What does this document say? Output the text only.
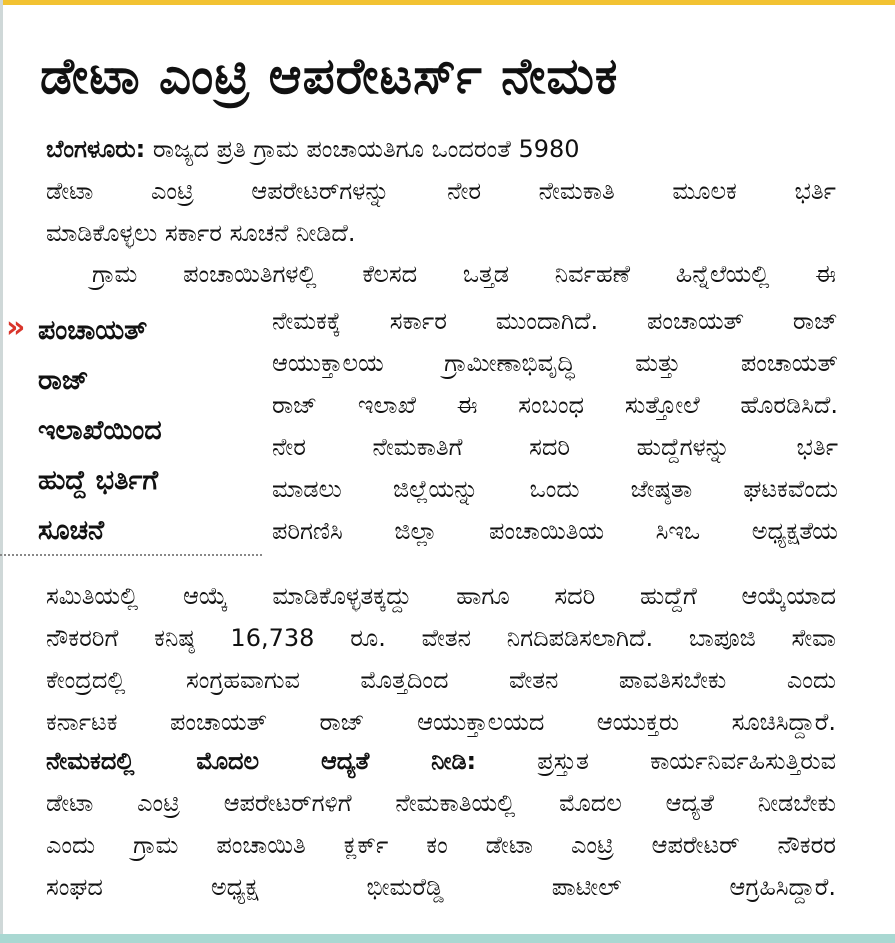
ಡೇಟಾ ಎಂಟ್ರಿ ಆಪರೇಟರ್ಸ್ ನೇಮಕ
ಬೆಂಗಳೂರು: ರಾಜ್ಯದ ಪ್ರತಿ ಗ್ರಾಮ ಪಂಚಾಯತಿಗೂ ಒಂದರಂತೆ 5980
ಡೇಟಾ ಎಂಟ್ರಿ ಆಪರೇಟರ್‌ಗಳನ್ನು ನೇರ ನೇಮಕಾತಿ ಮೂಲಕ ಭರ್ತಿ
ಮಾಡಿಕೊಳ್ಳಲು ಸರ್ಕಾರ ಸೂಚನೆ ನೀಡಿದೆ.
ಗ್ರಾಮ ಪಂಚಾಯಿತಿಗಳಲ್ಲಿ ಕೆಲಸದ ಒತ್ತಡ ನಿರ್ವಹಣೆ ಹಿನ್ನೆಲೆಯಲ್ಲಿ ಈ
» ಪಂಚಾಯತ್
ರಾಜ್
ಇಲಾಖೆಯಿಂದ
ಹುದ್ದೆ ಭರ್ತಿಗೆ
ಸೂಚನೆ
ನೇಮಕಕ್ಕೆ ಸರ್ಕಾರ ಮುಂದಾಗಿದೆ. ಪಂಚಾಯತ್ ರಾಜ್
ಆಯುಕ್ತಾಲಯ ಗ್ರಾಮೀಣಾಭಿವೃದ್ಧಿ ಮತ್ತು ಪಂಚಾಯತ್
ರಾಜ್ ಇಲಾಖೆ ಈ ಸಂಬಂಧ ಸುತ್ತೋಲೆ ಹೊರಡಿಸಿದೆ.
ನೇರ ನೇಮಕಾತಿಗೆ ಸದರಿ ಹುದ್ದೆಗಳನ್ನು ಭರ್ತಿ
ಮಾಡಲು ಜಿಲ್ಲೆಯನ್ನು ಒಂದು ಜೇಷ್ಠತಾ ಘಟಕವೆಂದು
ಪರಿಗಣಿಸಿ ಜಿಲ್ಲಾ ಪಂಚಾಯಿತಿಯ ಸಿಇಒ ಅಧ್ಯಕ್ಷತೆಯ
ಸಮಿತಿಯಲ್ಲಿ ಆಯ್ಕೆ ಮಾಡಿಕೊಳ್ಳತಕ್ಕದ್ದು ಹಾಗೂ ಸದರಿ ಹುದ್ದೆಗೆ ಆಯ್ಕೆಯಾದ
ನೌಕರರಿಗೆ ಕನಿಷ್ಠ 16,738 ರೂ. ವೇತನ ನಿಗದಿಪಡಿಸಲಾಗಿದೆ. ಬಾಪೂಜಿ ಸೇವಾ
ಕೇಂದ್ರದಲ್ಲಿ ಸಂಗ್ರಹವಾಗುವ ಮೊತ್ತದಿಂದ ವೇತನ ಪಾವತಿಸಬೇಕು ಎಂದು
ಕರ್ನಾಟಕ ಪಂಚಾಯತ್ ರಾಜ್ ಆಯುಕ್ತಾಲಯದ ಆಯುಕ್ತರು ಸೂಚಿಸಿದ್ದಾರೆ.
ನೇಮಕದಲ್ಲಿ ಮೊದಲ ಆದ್ಯತೆ ನೀಡಿ: ಪ್ರಸ್ತುತ ಕಾರ್ಯನಿರ್ವಹಿಸುತ್ತಿರುವ
ಡೇಟಾ ಎಂಟ್ರಿ ಆಪರೇಟರ್‌ಗಳಿಗೆ ನೇಮಕಾತಿಯಲ್ಲಿ ಮೊದಲ ಆದ್ಯತೆ ನೀಡಬೇಕು
ಎಂದು ಗ್ರಾಮ ಪಂಚಾಯಿತಿ ಕ್ಲರ್ಕ್ ಕಂ ಡೇಟಾ ಎಂಟ್ರಿ ಆಪರೇಟರ್ ನೌಕರರ
ಸಂಘದ ಅಧ್ಯಕ್ಷ ಭೀಮರೆಡ್ಡಿ ಪಾಟೀಲ್ ಆಗ್ರಹಿಸಿದ್ದಾರೆ.
